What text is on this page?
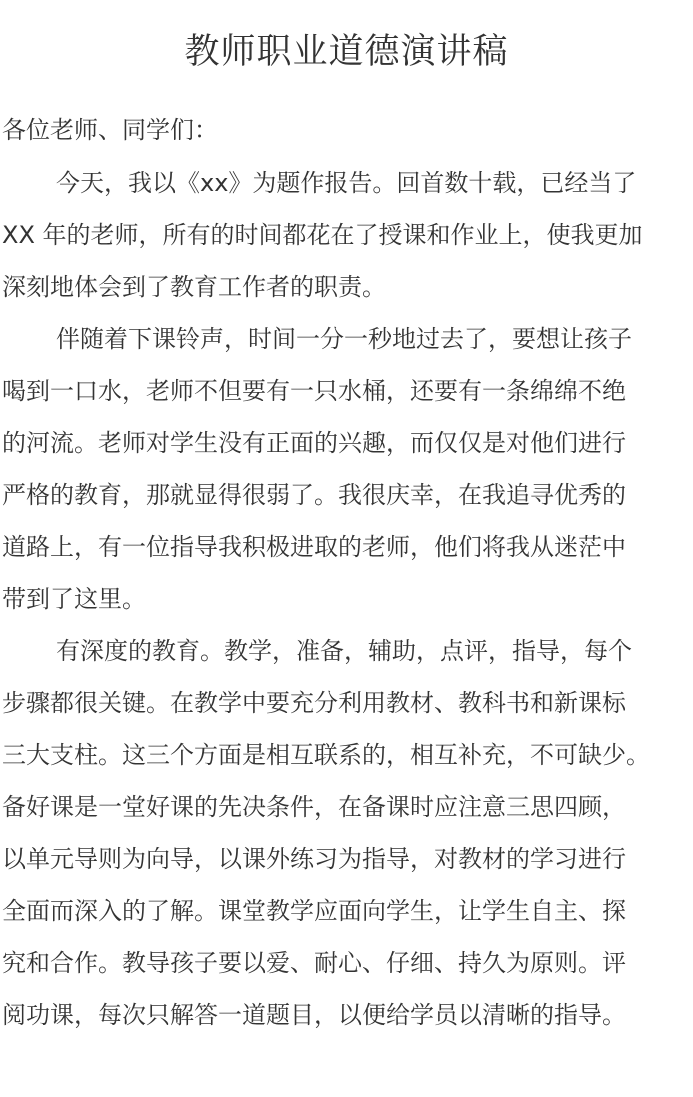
教师职业道德演讲稿

各位老师、同学们：

今天，我以《xx》为题作报告。回首数十载，已经当了

XX 年的老师，所有的时间都花在了授课和作业上，使我更加

深刻地体会到了教育工作者的职责。

伴随着下课铃声，时间一分一秒地过去了，要想让孩子

喝到一口水，老师不但要有一只水桶，还要有一条绵绵不绝

的河流。老师对学生没有正面的兴趣，而仅仅是对他们进行

严格的教育，那就显得很弱了。我很庆幸，在我追寻优秀的

道路上，有一位指导我积极进取的老师，他们将我从迷茫中

带到了这里。

有深度的教育。教学，准备，辅助，点评，指导，每个

步骤都很关键。在教学中要充分利用教材、教科书和新课标

三大支柱。这三个方面是相互联系的，相互补充，不可缺少。

备好课是一堂好课的先决条件，在备课时应注意三思四顾，

以单元导则为向导，以课外练习为指导，对教材的学习进行

全面而深入的了解。课堂教学应面向学生，让学生自主、探

究和合作。教导孩子要以爱、耐心、仔细、持久为原则。评

阅功课，每次只解答一道题目，以便给学员以清晰的指导。
